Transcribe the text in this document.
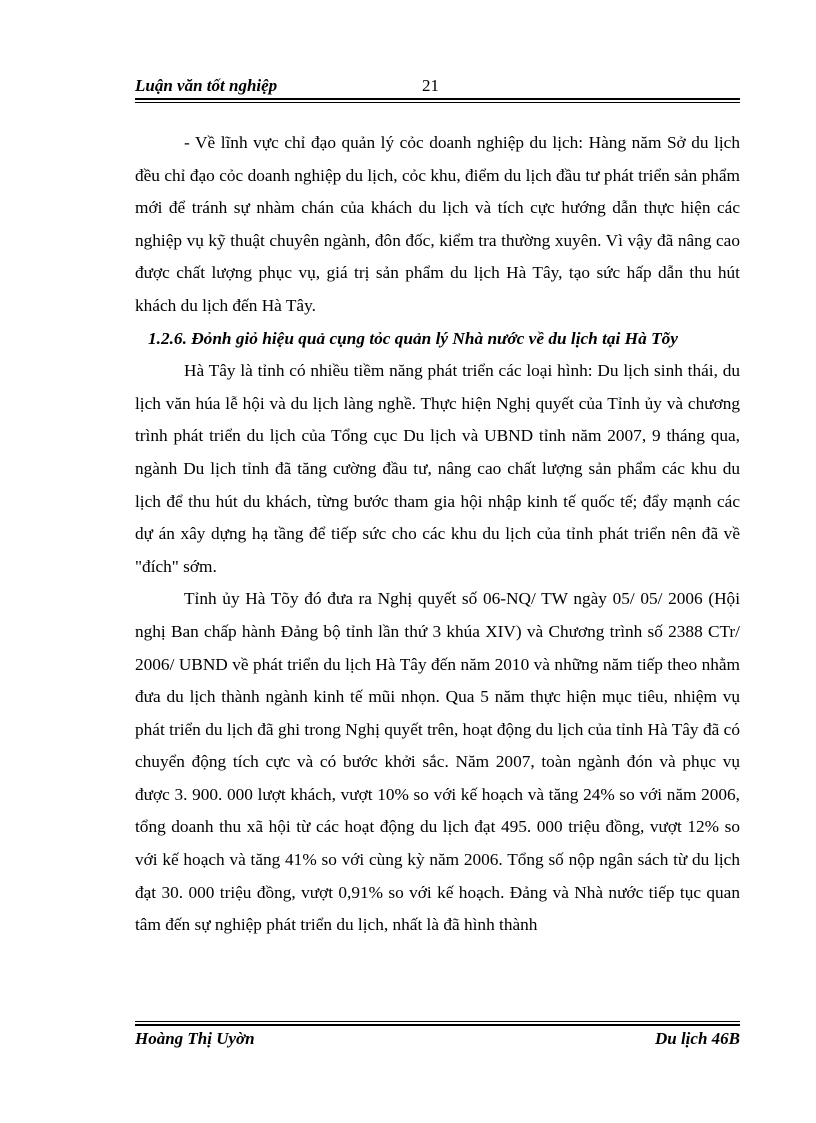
Luận văn tốt nghiệp	21

- Về lĩnh vực chỉ đạo quản lý cỏc doanh nghiệp du lịch: Hàng năm Sở du lịch đều chỉ đạo cỏc doanh nghiệp du lịch, cỏc khu, điểm du lịch đầu tư phát triển sản phẩm mới để tránh sự nhàm chán của khách du lịch và tích cực hướng dẫn thực hiện các nghiệp vụ kỹ thuật chuyên ngành, đôn đốc, kiểm tra thường xuyên. Vì vậy đã nâng cao được chất lượng phục vụ, giá trị sản phẩm du lịch Hà Tây, tạo sức hấp dẫn thu hút khách du lịch đến Hà Tây.

1.2.6. Đỏnh giỏ hiệu quả cụng tỏc quản lý Nhà nước về du lịch tại Hà Tõy

Hà Tây là tỉnh có nhiều tiềm năng phát triển các loại hình: Du lịch sinh thái, du lịch văn húa lễ hội và du lịch làng nghề. Thực hiện Nghị quyết của Tỉnh ủy và chương trình phát triển du lịch của Tổng cục Du lịch và UBND tỉnh năm 2007, 9 tháng qua, ngành Du lịch tỉnh đã tăng cường đầu tư, nâng cao chất lượng sản phẩm các khu du lịch để thu hút du khách, từng bước tham gia hội nhập kinh tế quốc tế; đẩy mạnh các dự án xây dựng hạ tầng để tiếp sức cho các khu du lịch của tỉnh phát triển nên đã về "đích" sớm.

Tỉnh ủy Hà Tõy đó đưa ra Nghị quyết số 06-NQ/ TW ngày 05/ 05/ 2006 (Hội nghị Ban chấp hành Đảng bộ tỉnh lần thứ 3 khúa XIV) và Chương trình số 2388 CTr/ 2006/ UBND về phát triển du lịch Hà Tây đến năm 2010 và những năm tiếp theo nhằm đưa du lịch thành ngành kinh tế mũi nhọn. Qua 5 năm thực hiện mục tiêu, nhiệm vụ phát triển du lịch đã ghi trong Nghị quyết trên, hoạt động du lịch của tỉnh Hà Tây đã có chuyển động tích cực và có bước khởi sắc. Năm 2007, toàn ngành đón và phục vụ được 3. 900. 000 lượt khách, vượt 10% so với kế hoạch và tăng 24% so với năm 2006, tổng doanh thu xã hội từ các hoạt động du lịch đạt 495. 000 triệu đồng, vượt 12% so với kế hoạch và tăng 41% so với cùng kỳ năm 2006. Tổng số nộp ngân sách từ du lịch đạt 30. 000 triệu đồng, vượt 0,91% so với kế hoạch. Đảng và Nhà nước tiếp tục quan tâm đến sự nghiệp phát triển du lịch, nhất là đã hình thành

Hoàng Thị Uyờn	Du lịch 46B
